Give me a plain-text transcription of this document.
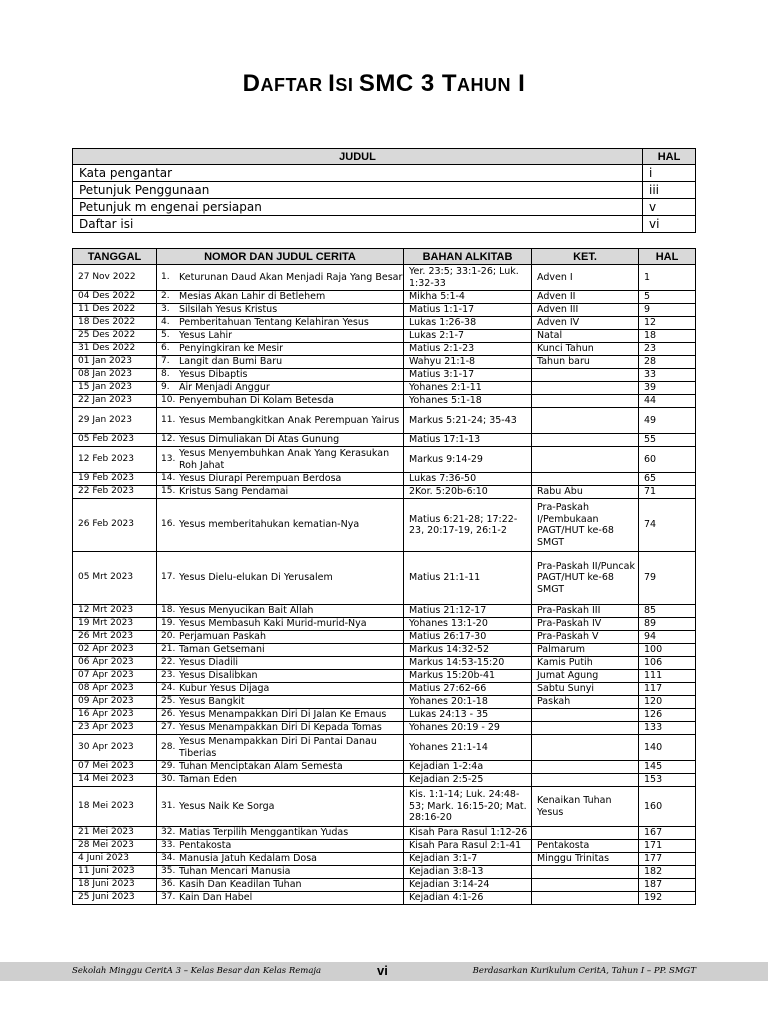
DAFTAR ISI SMC 3 TAHUN I
JUDUL	HAL
Kata pengantar	i
Petunjuk Penggunaan	iii
Petunjuk m engenai persiapan	v
Daftar isi	vi
TANGGAL	NOMOR DAN JUDUL CERITA	BAHAN ALKITAB	KET.	HAL
27 Nov 2022	1. Keturunan Daud Akan Menjadi Raja Yang Besar	Yer. 23:5; 33:1-26; Luk. 1:32-33	Adven I	1
04 Des 2022	2. Mesias Akan Lahir di Betlehem	Mikha 5:1-4	Adven II	5
11 Des 2022	3. Silsilah Yesus Kristus	Matius 1:1-17	Adven III	9
18 Des 2022	4. Pemberitahuan Tentang Kelahiran Yesus	Lukas 1:26-38	Adven IV	12
25 Des 2022	5. Yesus Lahir	Lukas 2:1-7	Natal	18
31 Des 2022	6. Penyingkiran ke Mesir	Matius 2:1-23	Kunci Tahun	23
01 Jan 2023	7. Langit dan Bumi Baru	Wahyu 21:1-8	Tahun baru	28
08 Jan 2023	8. Yesus Dibaptis	Matius 3:1-17		33
15 Jan 2023	9. Air Menjadi Anggur	Yohanes 2:1-11		39
22 Jan 2023	10. Penyembuhan Di Kolam Betesda	Yohanes 5:1-18		44
29 Jan 2023	11. Yesus Membangkitkan Anak Perempuan Yairus	Markus 5:21-24; 35-43		49
05 Feb 2023	12. Yesus Dimuliakan Di Atas Gunung	Matius 17:1-13		55
12 Feb 2023	13. Yesus Menyembuhkan Anak Yang Kerasukan Roh Jahat	Markus 9:14-29		60
19 Feb 2023	14. Yesus Diurapi Perempuan Berdosa	Lukas 7:36-50		65
22 Feb 2023	15. Kristus Sang Pendamai	2Kor. 5:20b-6:10	Rabu Abu	71
26 Feb 2023	16. Yesus memberitahukan kematian-Nya	Matius 6:21-28; 17:22-23, 20:17-19, 26:1-2	Pra-Paskah I/Pembukaan PAGT/HUT ke-68 SMGT	74
05 Mrt 2023	17. Yesus Dielu-elukan Di Yerusalem	Matius 21:1-11	Pra-Paskah II/Puncak PAGT/HUT ke-68 SMGT	79
12 Mrt 2023	18. Yesus Menyucikan Bait Allah	Matius 21:12-17	Pra-Paskah III	85
19 Mrt 2023	19. Yesus Membasuh Kaki Murid-murid-Nya	Yohanes 13:1-20	Pra-Paskah IV	89
26 Mrt 2023	20. Perjamuan Paskah	Matius 26:17-30	Pra-Paskah V	94
02 Apr 2023	21. Taman Getsemani	Markus 14:32-52	Palmarum	100
06 Apr 2023	22. Yesus Diadili	Markus 14:53-15:20	Kamis Putih	106
07 Apr 2023	23. Yesus Disalibkan	Markus 15:20b-41	Jumat Agung	111
08 Apr 2023	24. Kubur Yesus Dijaga	Matius 27:62-66	Sabtu Sunyi	117
09 Apr 2023	25. Yesus Bangkit	Yohanes 20:1-18	Paskah	120
16 Apr 2023	26. Yesus Menampakkan Diri Di Jalan Ke Emaus	Lukas 24:13 - 35		126
23 Apr 2023	27. Yesus Menampakkan Diri Di Kepada Tomas	Yohanes 20:19 - 29		133
30 Apr 2023	28. Yesus Menampakkan Diri Di Pantai Danau Tiberias	Yohanes 21:1-14		140
07 Mei 2023	29. Tuhan Menciptakan Alam Semesta	Kejadian 1-2:4a		145
14 Mei 2023	30. Taman Eden	Kejadian 2:5-25		153
18 Mei 2023	31. Yesus Naik Ke Sorga	Kis. 1:1-14; Luk. 24:48-53; Mark. 16:15-20; Mat. 28:16-20	Kenaikan Tuhan Yesus	160
21 Mei 2023	32. Matias Terpilih Menggantikan Yudas	Kisah Para Rasul 1:12-26		167
28 Mei 2023	33. Pentakosta	Kisah Para Rasul 2:1-41	Pentakosta	171
4 Juni 2023	34. Manusia Jatuh Kedalam Dosa	Kejadian 3:1-7	Minggu Trinitas	177
11 Juni 2023	35. Tuhan Mencari Manusia	Kejadian 3:8-13		182
18 Juni 2023	36. Kasih Dan Keadilan Tuhan	Kejadian 3:14-24		187
25 Juni 2023	37. Kain Dan Habel	Kejadian 4:1-26		192
Sekolah Minggu CeritA 3 – Kelas Besar dan Kelas Remaja	vi	Berdasarkan Kurikulum CeritA, Tahun I – PP. SMGT
